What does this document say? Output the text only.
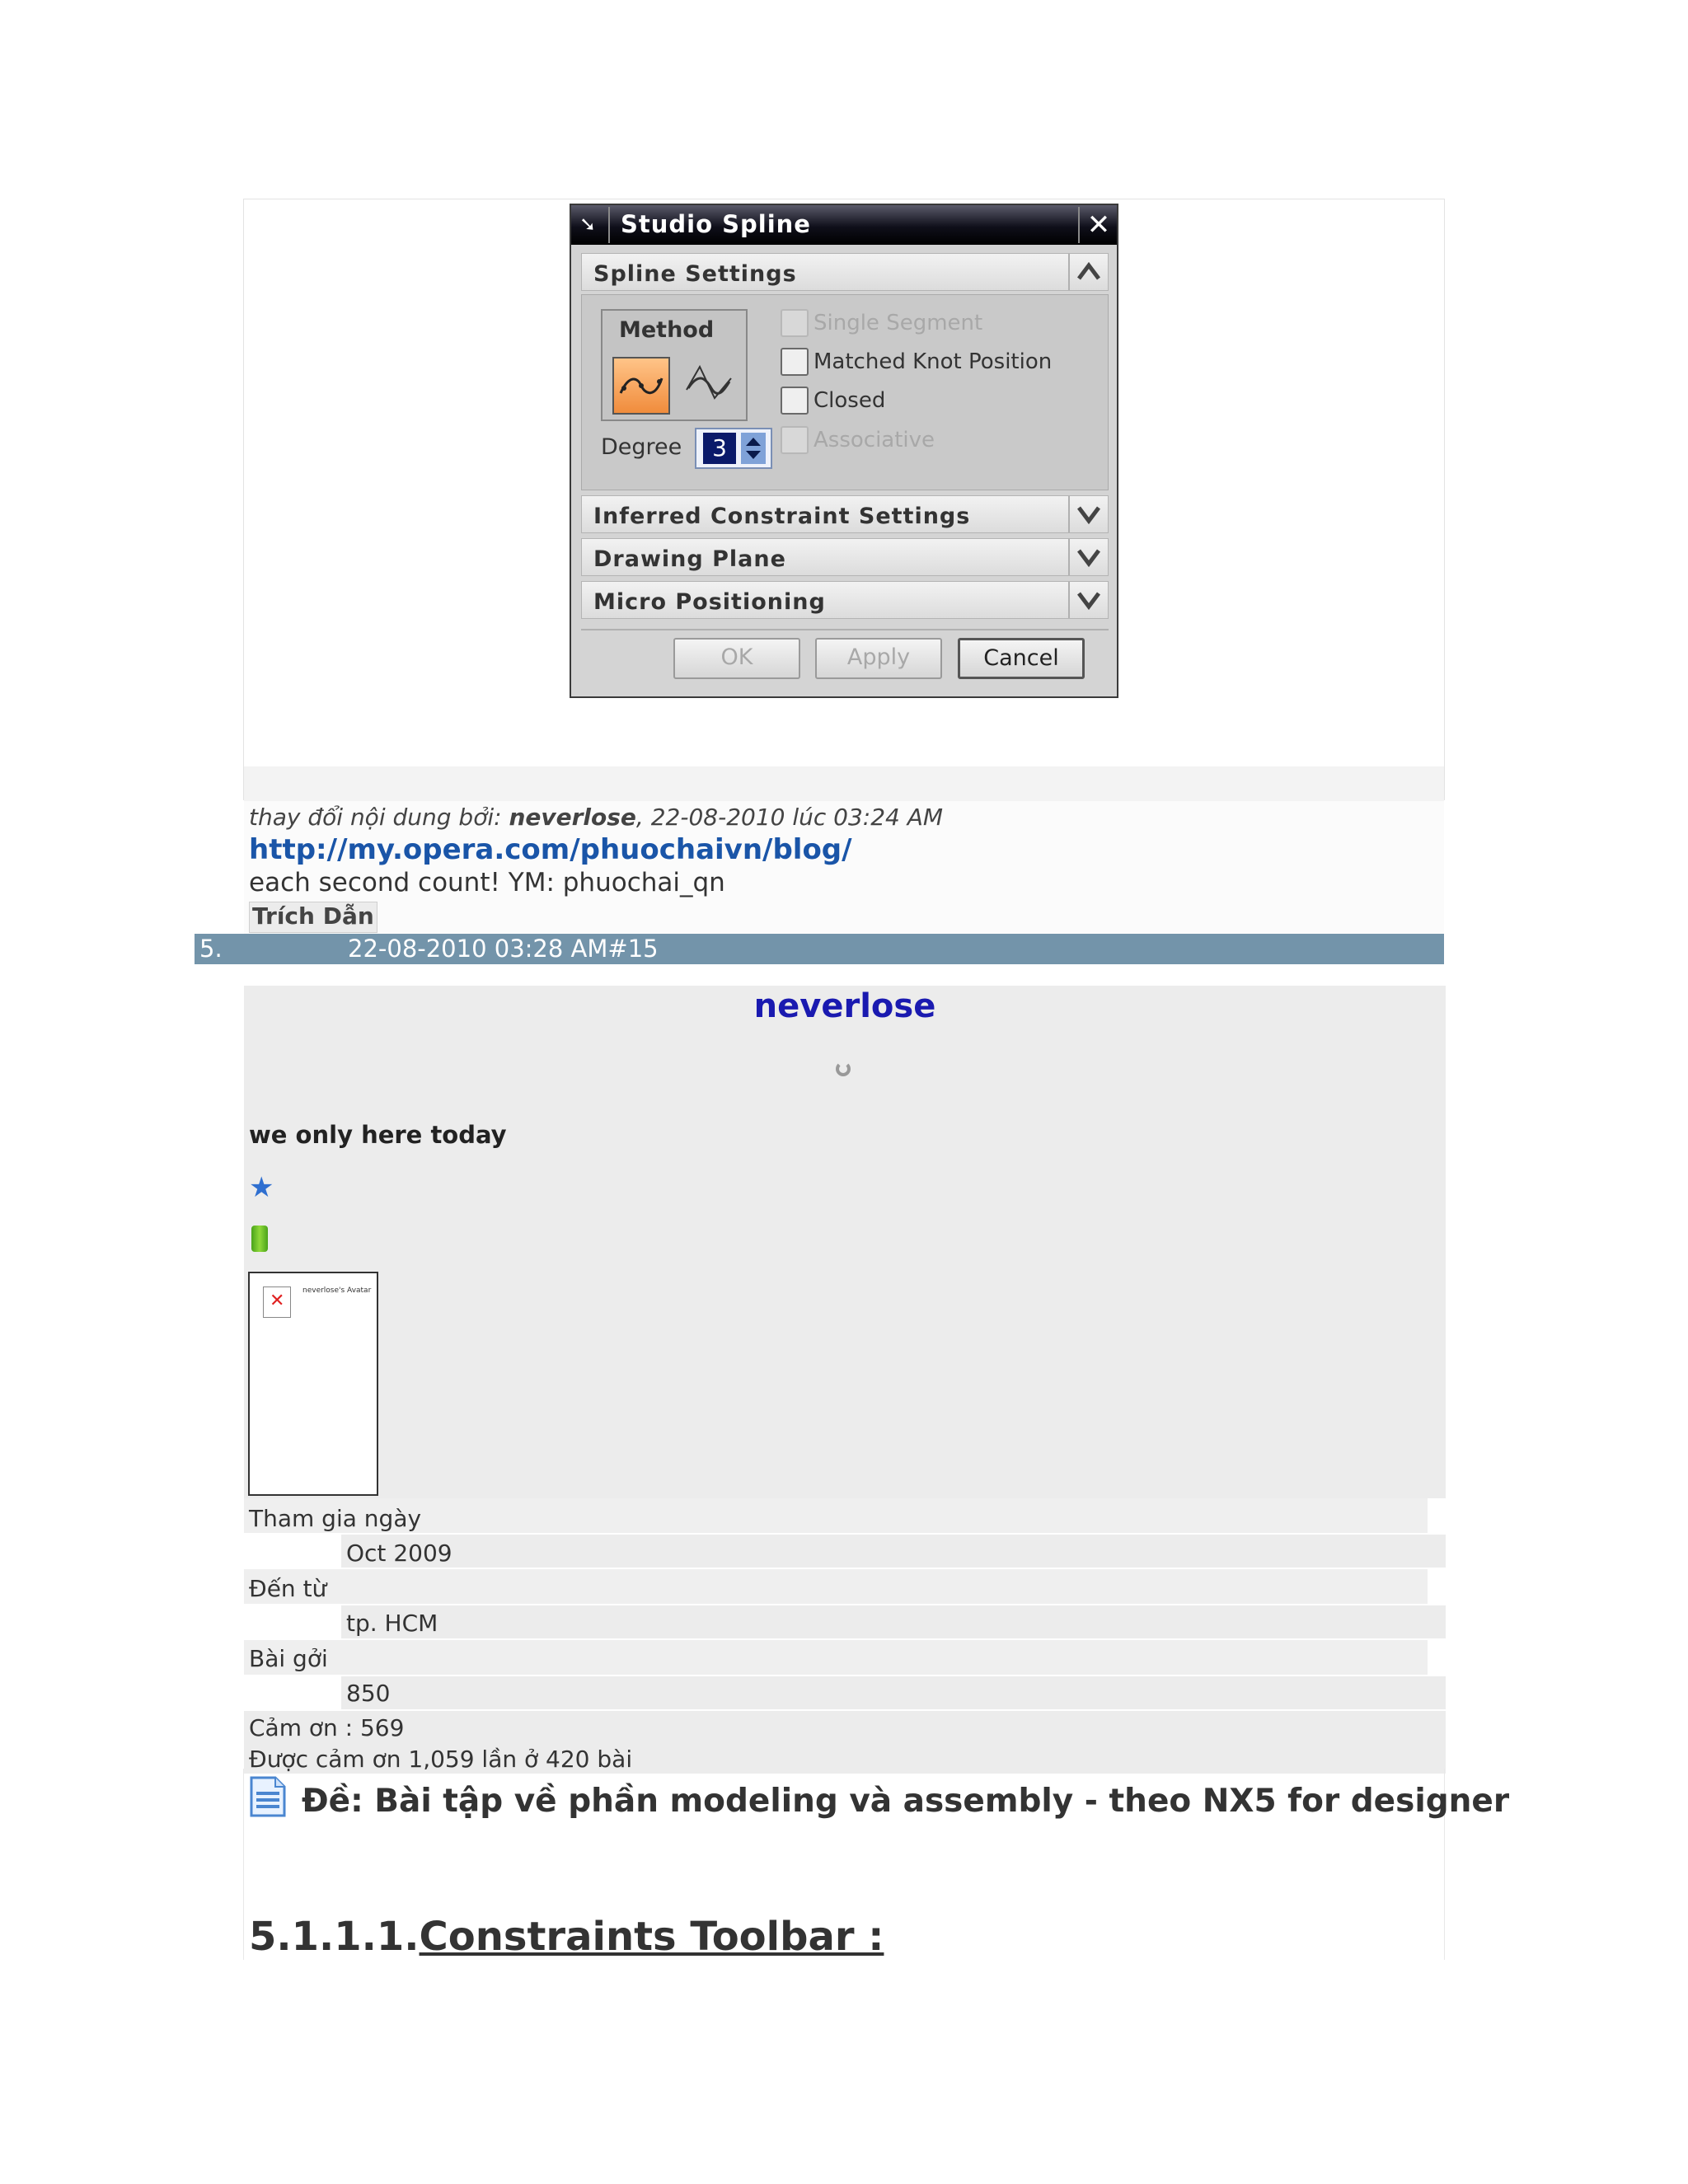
➘ Studio Spline	✕
Spline Settings
Method
Degree	3
Single Segment
Matched Knot Position
Closed
Associative
Inferred Constraint Settings
Drawing Plane
Micro Positioning
OK	Apply	Cancel
thay đổi nội dung bởi: neverlose, 22-08-2010 lúc 03:24 AM
http://my.opera.com/phuochaivn/blog/
each second count! YM: phuochai_qn
Trích Dẫn
5.	22-08-2010 03:28 AM#15
neverlose
we only here today
★
✕ neverlose's Avatar
Tham gia ngày
Oct 2009
Đến từ
tp. HCM
Bài gởi
850
Cảm ơn : 569
Được cảm ơn 1,059 lần ở 420 bài
Đề: Bài tập về phần modeling và assembly - theo NX5 for designer
5.1.1.1.Constraints Toolbar :
